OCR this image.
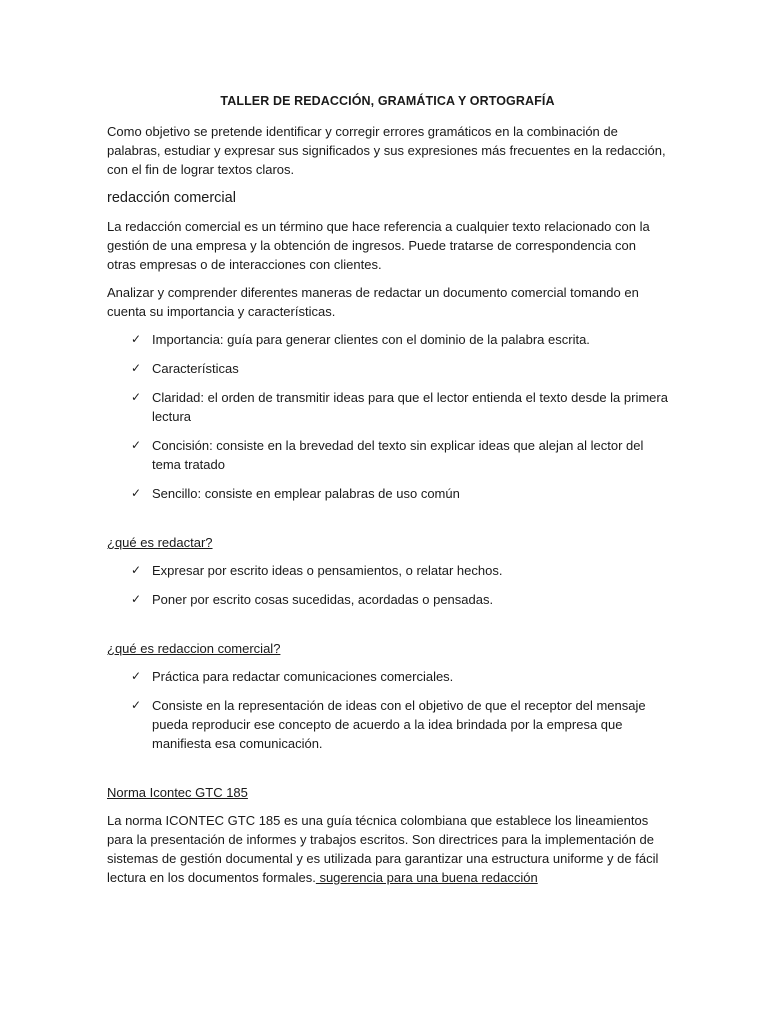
TALLER DE REDACCIÓN, GRAMÁTICA Y ORTOGRAFÍA

Como objetivo se pretende identificar y corregir errores gramáticos en la combinación de palabras, estudiar y expresar sus significados y sus expresiones más frecuentes en la redacción, con el fin de lograr textos claros.

redacción comercial

La redacción comercial es un término que hace referencia a cualquier texto relacionado con la gestión de una empresa y la obtención de ingresos. Puede tratarse de correspondencia con otras empresas o de interacciones con clientes.

Analizar y comprender diferentes maneras de redactar un documento comercial tomando en cuenta su importancia y características.

✓ Importancia: guía para generar clientes con el dominio de la palabra escrita.
✓ Características
✓ Claridad: el orden de transmitir ideas para que el lector entienda el texto desde la primera lectura
✓ Concisión: consiste en la brevedad del texto sin explicar ideas que alejan al lector del tema tratado
✓ Sencillo: consiste en emplear palabras de uso común
¿qué es redactar?
✓ Expresar por escrito ideas o pensamientos, o relatar hechos.
✓ Poner por escrito cosas sucedidas, acordadas o pensadas.
¿qué es redaccion comercial?
✓ Práctica para redactar comunicaciones comerciales.
✓ Consiste en la representación de ideas con el objetivo de que el receptor del mensaje pueda reproducir ese concepto de acuerdo a la idea brindada por la empresa que manifiesta esa comunicación.
Norma Icontec GTC 185

La norma ICONTEC GTC 185 es una guía técnica colombiana que establece los lineamientos para la presentación de informes y trabajos escritos. Son directrices para la implementación de sistemas de gestión documental y es utilizada para garantizar una estructura uniforme y de fácil lectura en los documentos formales. sugerencia para una buena redacción
